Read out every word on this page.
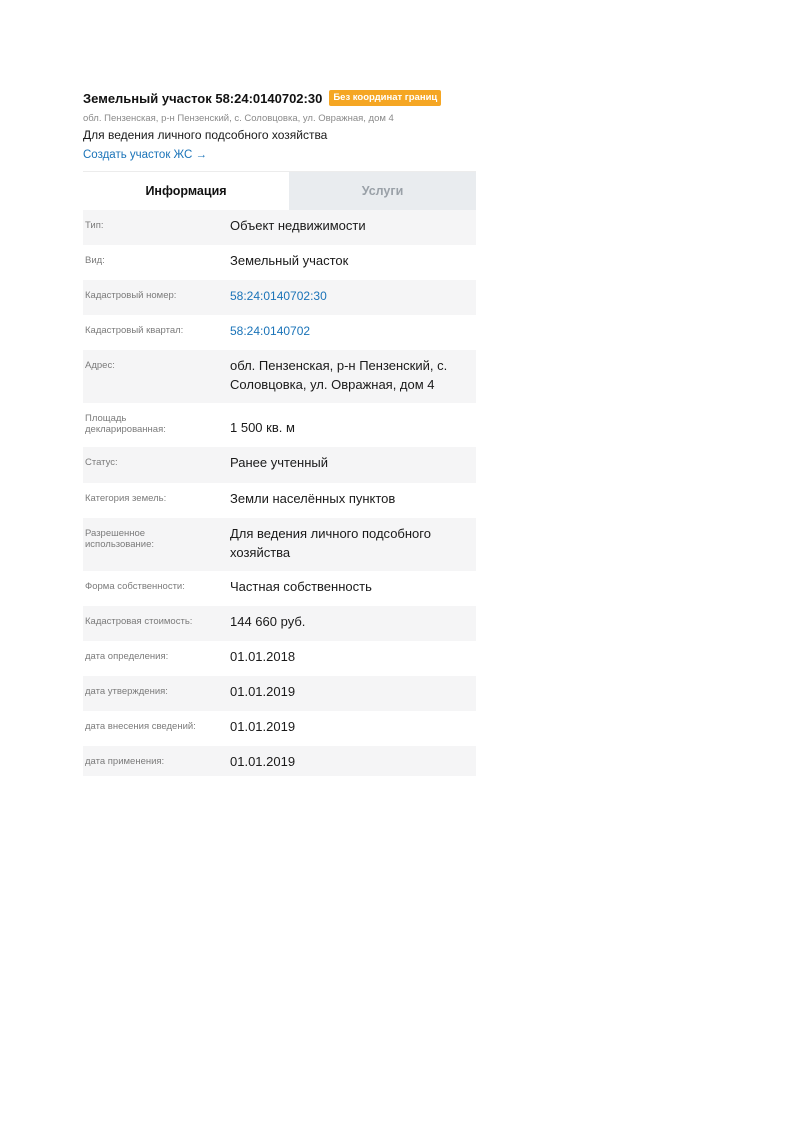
Земельный участок 58:24:0140702:30	Без координат границ
обл. Пензенская, р-н Пензенский, с. Соловцовка, ул. Овражная, дом 4
Для ведения личного подсобного хозяйства
Создать участок ЖС →
Информация	Услуги
Тип:	Объект недвижимости
Вид:	Земельный участок
Кадастровый номер:	58:24:0140702:30
Кадастровый квартал:	58:24:0140702
Адрес:	обл. Пензенская, р-н Пензенский, с. Соловцовка, ул. Овражная, дом 4
Площадь декларированная:	1 500 кв. м
Статус:	Ранее учтенный
Категория земель:	Земли населённых пунктов
Разрешенное использование:
Для ведения личного подсобного хозяйства
Форма собственности:	Частная собственность
Кадастровая стоимость:	144 660 руб.
дата определения:	01.01.2018
дата утверждения:	01.01.2019
дата внесения сведений:	01.01.2019
дата применения:	01.01.2019
